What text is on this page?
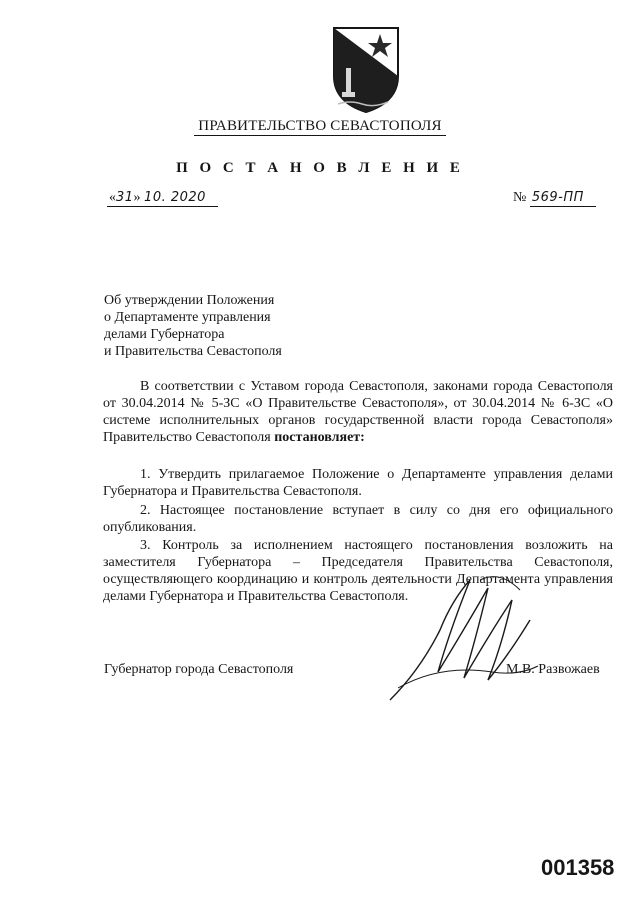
ПРАВИТЕЛЬСТВО СЕВАСТОПОЛЯ
П О С Т А Н О В Л Е Н И Е
«31» 10. 2020	№ 569-ПП
Об утверждении Положения
о Департаменте управления
делами Губернатора
и Правительства Севастополя
В соответствии с Уставом города Севастополя, законами города Севастополя от 30.04.2014 № 5-ЗС «О Правительстве Севастополя», от 30.04.2014 № 6-ЗС «О системе исполнительных органов государственной власти города Севастополя» Правительство Севастополя постановляет:
1. Утвердить прилагаемое Положение о Департаменте управления делами Губернатора и Правительства Севастополя.
2. Настоящее постановление вступает в силу со дня его официального опубликования.
3. Контроль за исполнением настоящего постановления возложить на заместителя Губернатора – Председателя Правительства Севастополя, осуществляющего координацию и контроль деятельности Департамента управления делами Губернатора и Правительства Севастополя.
Губернатор города Севастополя	М.В. Развожаев
001358
